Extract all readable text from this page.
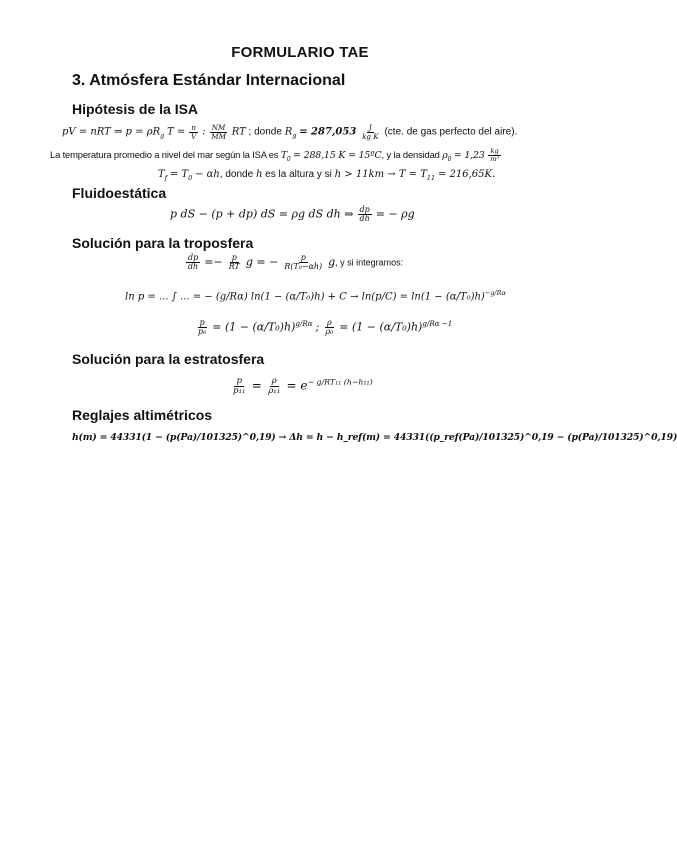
FORMULARIO TAE
3. Atmósfera Estándar Internacional
Hipótesis de la ISA
pV = nRT ⇒ $p = \rho R_g$ $T = \frac{n}{V}$ : $\frac{NM}{MM}$ RT ; donde $R_g = 287,053 \frac{J}{\text{kg K}} (cte$. de gas perfecto del aire).
La temperatura promedio a nivel del mar según la ISA es $T_0 = 288,15$ K = 15ºC, y la densidad $\rho_0 = 1,23 \frac{kg}{\text{m³}}$
$T_f = T_0 - \alpha h$, donde h es la altura y si $h > 11km \to T = T_{11} = 216,65K$.
Fluidoestática
p dS − (p + dp) dS = ρg dS dh ⇒ $\frac{dp}{dh}$ = − ρg
Solución para la troposfera
$\frac{dp}{dh} =- \frac{p}{RT}$ g = − $\frac{p}{\text{R(T₀−αh)}} g$, y si integramos:
ln p = ... ∫ ... = − (g/Rα) $\ln(1 - (\alpha/T_0)h) + C \to \ln(p/C) = \ln(1 - (\alpha/T_0)h)^{-g/R\alpha}$
$\frac{p}{\text{p₀}} = (1 - (\alpha/T_0)h)^{g/R\alpha}$ ; $\frac{\rho}{\text{ρ₀}} = (1 - (\alpha/T_0)h)^{g/R\alpha -1}$
Solución para la estratosfera
$\frac{p}{\text{p₁₁}} = \frac{\rho}{\text{ρ₁₁}} = e^{- g/RT_{11} (h-h_{11})}$
Reglajes altimétricos
h(m) = 44331(1 − (p(Pa)/101325)^0,19) → Δh = h − h_ref(m) = 44331((p_ref(Pa)/101325)^0,19 − (p(Pa)/101325)^0,19)
